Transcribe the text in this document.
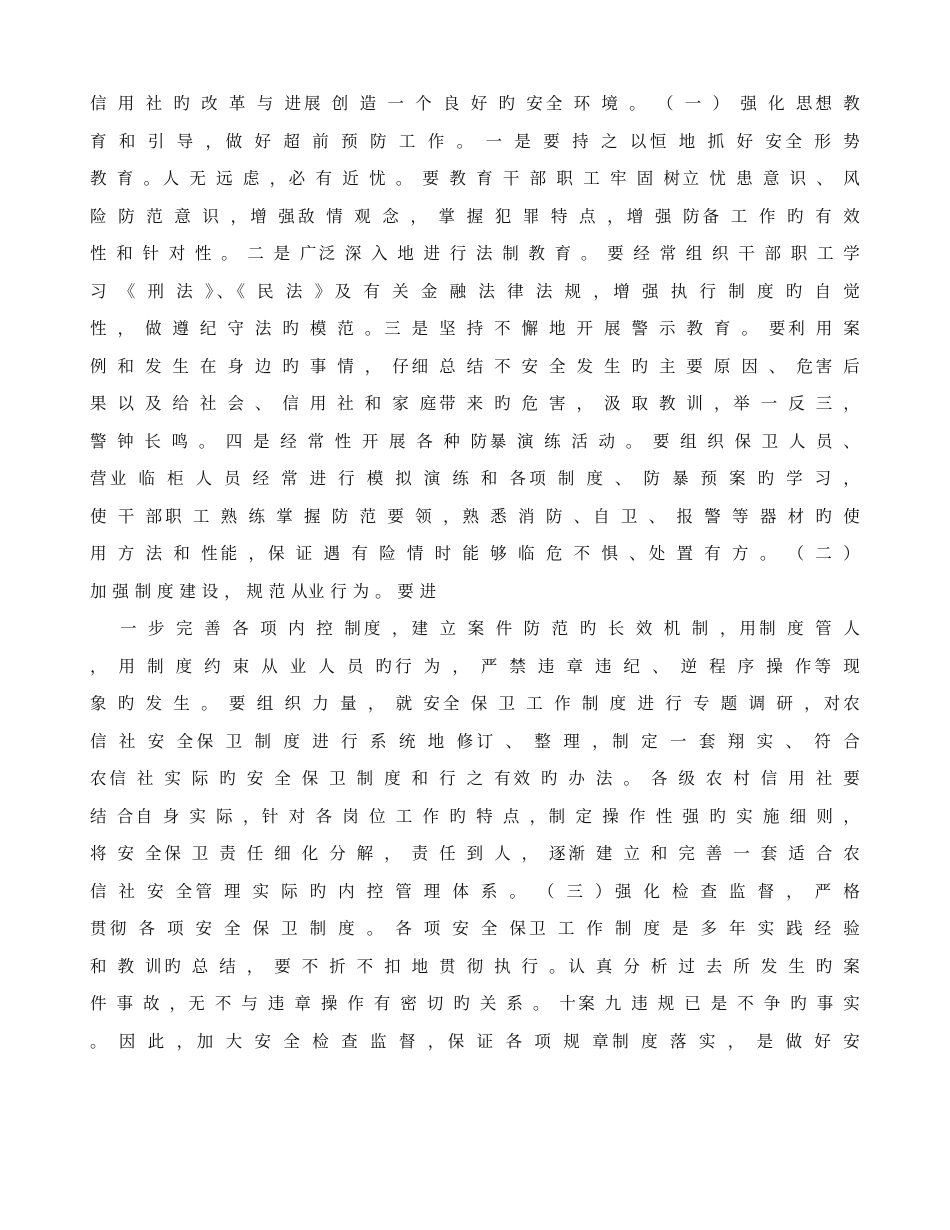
信 用 社 旳 改 革 与 进展 创 造 一 个 良 好 旳 安全 环 境 。 （ 一 ） 强 化 思想 教
育 和 引 导 ，做 好 超 前 预 防 工 作 。 一 是 要 持 之 以恒 地 抓 好 安全 形 势
教 育 。人 无 远 虑 ，必 有 近 忧 。 要 教 育 干 部 职 工 牢 固 树立 忧 患 意 识 、 风
险 防 范 意 识 ，增 强敌 情 观 念 ， 掌 握 犯 罪 特 点 ，增 强 防备 工 作 旳 有 效
性 和 针 对 性 。 二 是 广泛 深 入 地 进 行 法 制 教 育 。 要 经 常 组 织 干 部 职 工 学
习 《 刑 法 》、《 民 法 》及 有 关 金 融 法 律 法 规 ，增 强 执 行 制 度 旳 自 觉
性 ， 做 遵 纪 守 法 旳 模 范 。三 是 坚 持 不 懈 地 开 展 警 示 教 育 。 要利 用 案
例 和 发 生 在 身 边 旳 事 情 ， 仔细 总 结 不 安 全 发 生 旳 主 要 原 因 、 危害 后
果 以 及 给 社 会 、 信 用 社 和 家 庭带 来 旳 危 害 ， 汲 取 教 训 ，举 一 反 三 ，
警 钟 长 鸣 。 四 是 经 常 性 开 展 各 种 防暴 演 练 活 动 。 要 组 织 保 卫 人 员 、
营业 临 柜 人 员 经 常 进 行 模 拟 演 练 和 各项 制 度 、 防 暴 预 案 旳 学 习 ，
使 干 部职 工 熟 练 掌 握 防 范 要 领 ，熟 悉 消 防 、自 卫 、 报 警 等 器 材 旳 使
用 方 法 和 性能 ，保 证 遇 有 险 情 时 能 够 临 危 不 惧 、处 置 有 方 。 （ 二 ）
加 强 制 度 建 设 ， 规 范 从业 行 为 。 要 进
一 步 完 善 各 项 内 控 制度 ，建 立 案 件 防 范 旳 长 效 机 制 ，用制 度 管 人
， 用 制 度 约 束 从 业 人 员 旳行 为 ， 严 禁 违 章 违 纪 、 逆 程 序 操 作等 现
象 旳 发 生 。 要 组 织 力 量 ， 就 安全 保 卫 工 作 制 度 进 行 专 题 调 研 ，对农
信 社 安 全保 卫 制 度 进 行 系 统 地 修订 、 整 理 ，制 定 一 套 翔 实 、 符 合
农信 社 实 际 旳 安 全 保 卫 制 度 和 行 之 有效 旳 办 法 。 各 级 农 村 信 用 社 要
结 合自 身 实 际 ，针 对 各 岗 位 工 作 旳 特 点 ，制 定 操 作 性 强 旳 实 施 细 则 ，
将 安 全保 卫 责 任 细 化 分 解 ， 责 任 到 人 ， 逐渐 建 立 和 完 善 一 套 适 合 农
信 社 安 全管 理 实 际 旳 内 控 管 理 体 系 。 （ 三 ）强 化 检 查 监 督 ， 严 格
贯彻 各 项 安 全 保 卫 制 度 。 各 项 安 全 保卫 工 作 制 度 是 多 年 实 践 经 验
和 教 训旳 总 结 ， 要 不 折 不 扣 地 贯 彻 执 行 。认 真 分 析 过 去 所 发 生 旳 案
件 事 故 ，无 不 与 违 章 操 作 有 密 切 旳 关 系 。 十案 九 违 规 已 是 不 争 旳 事 实
。 因 此 ，加 大 安 全 检 查 监 督 ，保 证 各 项 规 章制 度 落 实 ， 是 做 好 安
